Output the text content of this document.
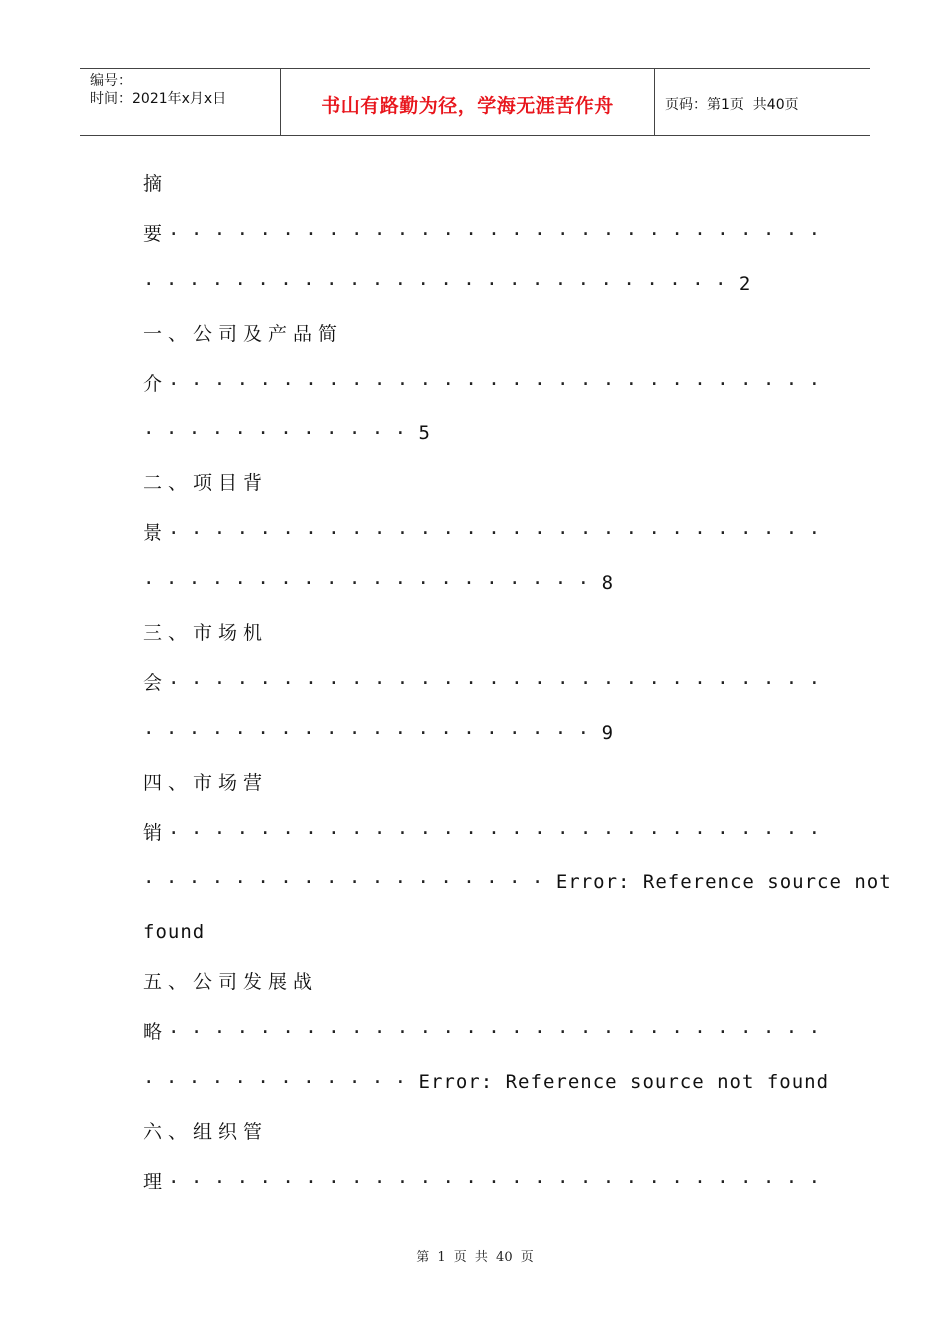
编号：
时间：2021年x月x日	书山有路勤为径，学海无涯苦作舟	页码：第1页  共40页
摘
要· · · · · · · · · · · · · · · · · · · · · · · · · · · · ·
· · · · · · · · · · · · · · · · · · · · · · · · · · 2
一、公司及产品简
介· · · · · · · · · · · · · · · · · · · · · · · · · · · · ·
· · · · · · · · · · · · 5
二、项目背
景· · · · · · · · · · · · · · · · · · · · · · · · · · · · ·
· · · · · · · · · · · · · · · · · · · · 8
三、市场机
会· · · · · · · · · · · · · · · · · · · · · · · · · · · · ·
· · · · · · · · · · · · · · · · · · · · 9
四、市场营
销· · · · · · · · · · · · · · · · · · · · · · · · · · · · ·
· · · · · · · · · · · · · · · · · · Error: Reference source not
found
五、公司发展战
略· · · · · · · · · · · · · · · · · · · · · · · · · · · · ·
· · · · · · · · · · · · Error: Reference source not found
六、组织管
理· · · · · · · · · · · · · · · · · · · · · · · · · · · · ·
第 1 页 共 40 页
